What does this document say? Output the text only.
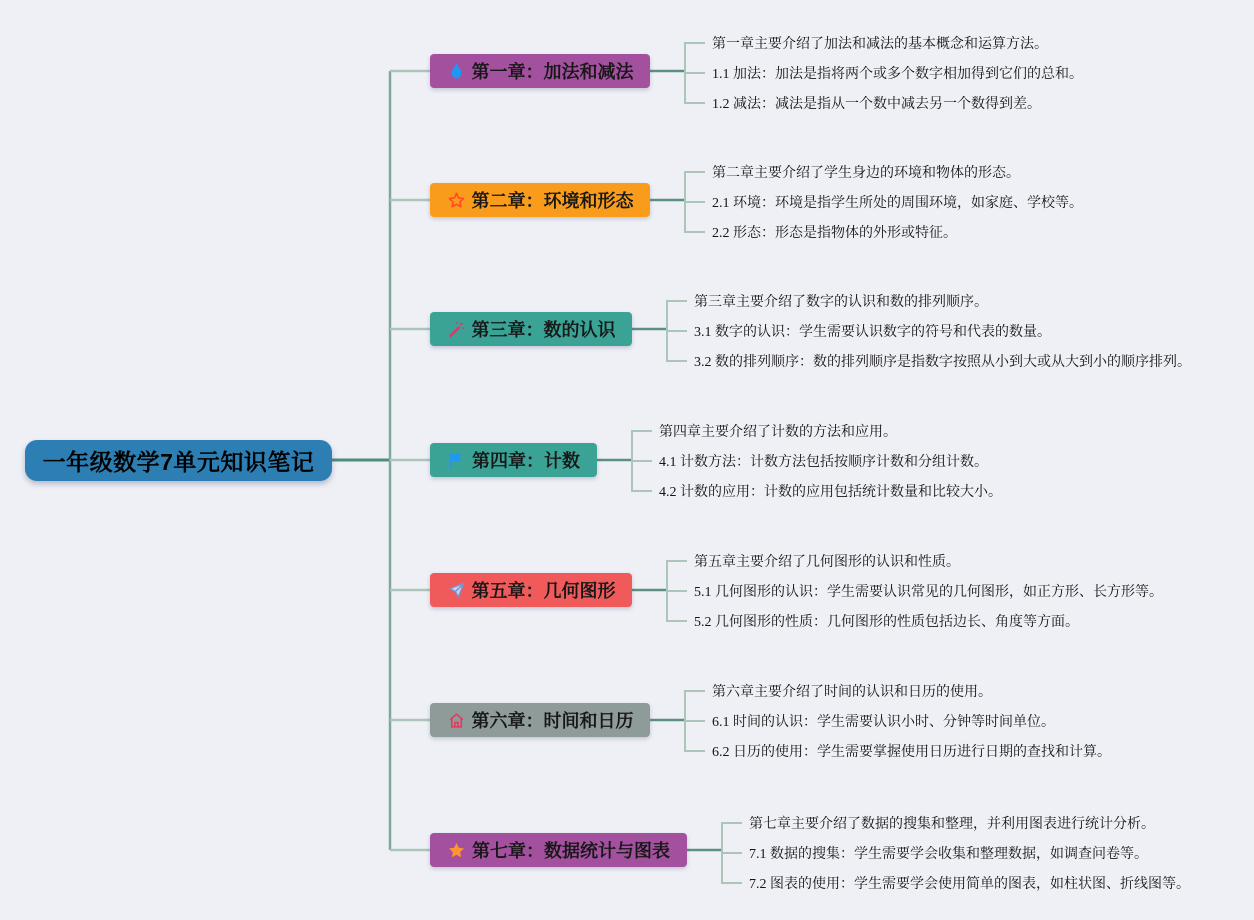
一年级数学7单元知识笔记
第一章：加法和减法
第一章主要介绍了加法和减法的基本概念和运算方法。
1.1 加法：加法是指将两个或多个数字相加得到它们的总和。
1.2 减法：减法是指从一个数中减去另一个数得到差。
第二章：环境和形态
第二章主要介绍了学生身边的环境和物体的形态。
2.1 环境：环境是指学生所处的周围环境，如家庭、学校等。
2.2 形态：形态是指物体的外形或特征。
第三章：数的认识
第三章主要介绍了数字的认识和数的排列顺序。
3.1 数字的认识：学生需要认识数字的符号和代表的数量。
3.2 数的排列顺序：数的排列顺序是指数字按照从小到大或从大到小的顺序排列。
第四章：计数
第四章主要介绍了计数的方法和应用。
4.1 计数方法：计数方法包括按顺序计数和分组计数。
4.2 计数的应用：计数的应用包括统计数量和比较大小。
第五章：几何图形
第五章主要介绍了几何图形的认识和性质。
5.1 几何图形的认识：学生需要认识常见的几何图形，如正方形、长方形等。
5.2 几何图形的性质：几何图形的性质包括边长、角度等方面。
第六章：时间和日历
第六章主要介绍了时间的认识和日历的使用。
6.1 时间的认识：学生需要认识小时、分钟等时间单位。
6.2 日历的使用：学生需要掌握使用日历进行日期的查找和计算。
第七章：数据统计与图表
第七章主要介绍了数据的搜集和整理，并利用图表进行统计分析。
7.1 数据的搜集：学生需要学会收集和整理数据，如调查问卷等。
7.2 图表的使用：学生需要学会使用简单的图表，如柱状图、折线图等。
